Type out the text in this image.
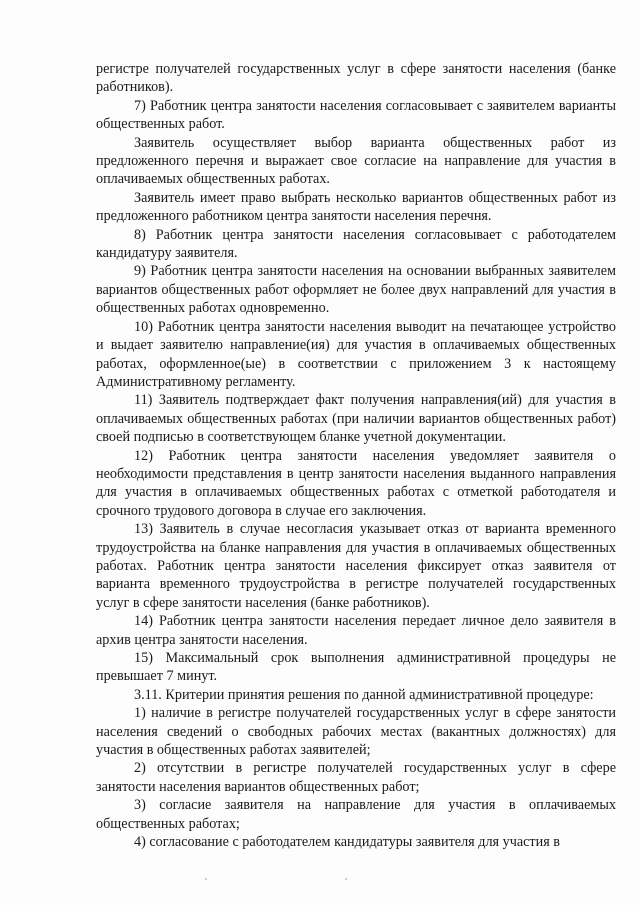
регистре получателей государственных услуг в сфере занятости населения (банке работников).

7) Работник центра занятости населения согласовывает с заявителем варианты общественных работ.

Заявитель осуществляет выбор варианта общественных работ из предложенного перечня и выражает свое согласие на направление для участия в оплачиваемых общественных работах.

Заявитель имеет право выбрать несколько вариантов общественных работ из предложенного работником центра занятости населения перечня.

8) Работник центра занятости населения согласовывает с работодателем кандидатуру заявителя.

9) Работник центра занятости населения на основании выбранных заявителем вариантов общественных работ оформляет не более двух направлений для участия в общественных работах одновременно.

10) Работник центра занятости населения выводит на печатающее устройство и выдает заявителю направление(ия) для участия в оплачиваемых общественных работах, оформленное(ые) в соответствии с приложением 3 к настоящему Административному регламенту.

11) Заявитель подтверждает факт получения направления(ий) для участия в оплачиваемых общественных работах (при наличии вариантов общественных работ) своей подписью в соответствующем бланке учетной документации.

12) Работник центра занятости населения уведомляет заявителя о необходимости представления в центр занятости населения выданного направления для участия в оплачиваемых общественных работах с отметкой работодателя и срочного трудового договора в случае его заключения.

13) Заявитель в случае несогласия указывает отказ от варианта временного трудоустройства на бланке направления для участия в оплачиваемых общественных работах. Работник центра занятости населения фиксирует отказ заявителя от варианта временного трудоустройства в регистре получателей государственных услуг в сфере занятости населения (банке работников).

14) Работник центра занятости населения передает личное дело заявителя в архив центра занятости населения.

15) Максимальный срок выполнения административной процедуры не превышает 7 минут.

3.11. Критерии принятия решения по данной административной процедуре:

1) наличие в регистре получателей государственных услуг в сфере занятости населения сведений о свободных рабочих местах (вакантных должностях) для участия в общественных работах заявителей;

2) отсутствии в регистре получателей государственных услуг в сфере занятости населения вариантов общественных работ;

3) согласие заявителя на направление для участия в оплачиваемых общественных работах;

4) согласование с работодателем кандидатуры заявителя для участия в
